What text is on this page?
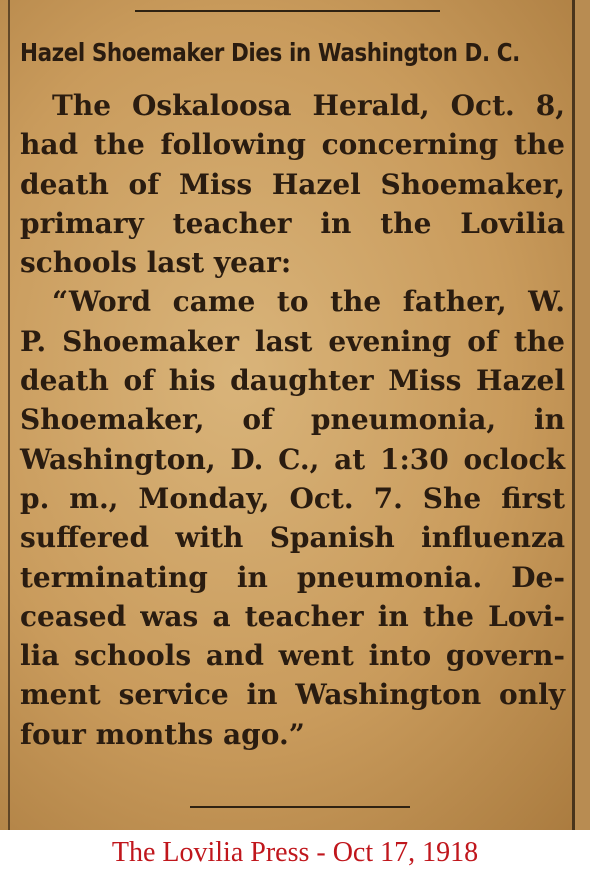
Hazel Shoemaker Dies in Washington D. C.
The Oskaloosa Herald, Oct. 8,
had the following concerning the
death of Miss Hazel Shoemaker,
primary teacher in the Lovilia
schools last year:
“Word came to the father, W.
P. Shoemaker last evening of the
death of his daughter Miss Hazel
Shoemaker, of pneumonia, in
Washington, D. C., at 1:30 oclock
p. m., Monday, Oct. 7. She first
suffered with Spanish influenza
terminating in pneumonia. De-
ceased was a teacher in the Lovi-
lia schools and went into govern-
ment service in Washington only
four months ago.”
The Lovilia Press - Oct 17, 1918
